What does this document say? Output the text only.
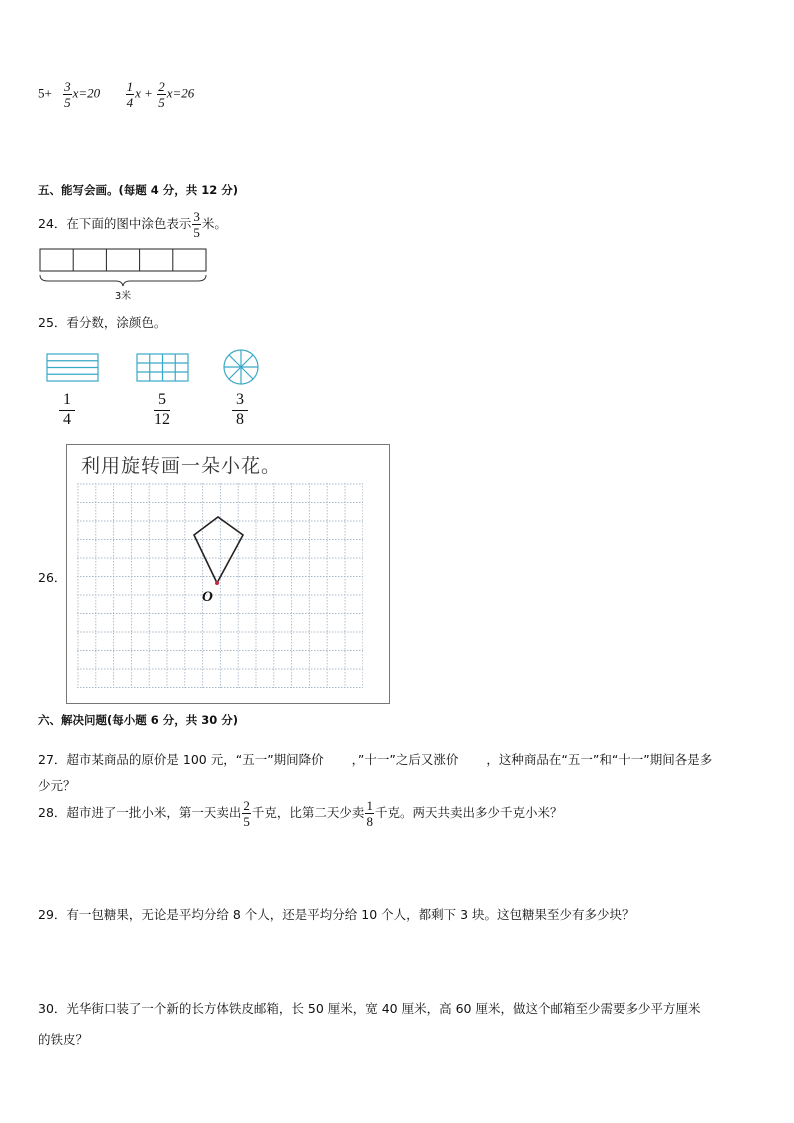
$5+ \frac{3}{5} x=20 \frac{1}{4}$ $x + \frac{2}{5} x=26$
五、能写会画。(每题 4 分，共 12 分)
24．在下面的图中涂色表示 $\frac{3}{5}$ 米。
3米
25．看分数，涂颜色。
$\frac{1}{4}$	$\frac{5}{12}$	$\frac{3}{8}$
26．
利用旋转画一朵小花。
O
六、解决问题(每小题 6 分，共 30 分)
27．超市某商品的原价是 100 元，“五一”期间降价 ，”十一”之后又涨价 ，这种商品在“五一”和“十一”期间各是多
少元？
28．超市进了一批小米，第一天卖出 $\frac{2}{5}$ 千克，比第二天少卖 $\frac{1}{8}$ 千克。两天共卖出多少千克小米？
29．有一包糖果，无论是平均分给 8 个人，还是平均分给 10 个人，都剩下 3 块。这包糖果至少有多少块？
30．光华街口装了一个新的长方体铁皮邮箱，长 50 厘米，宽 40 厘米，高 60 厘米，做这个邮箱至少需要多少平方厘米
的铁皮？
